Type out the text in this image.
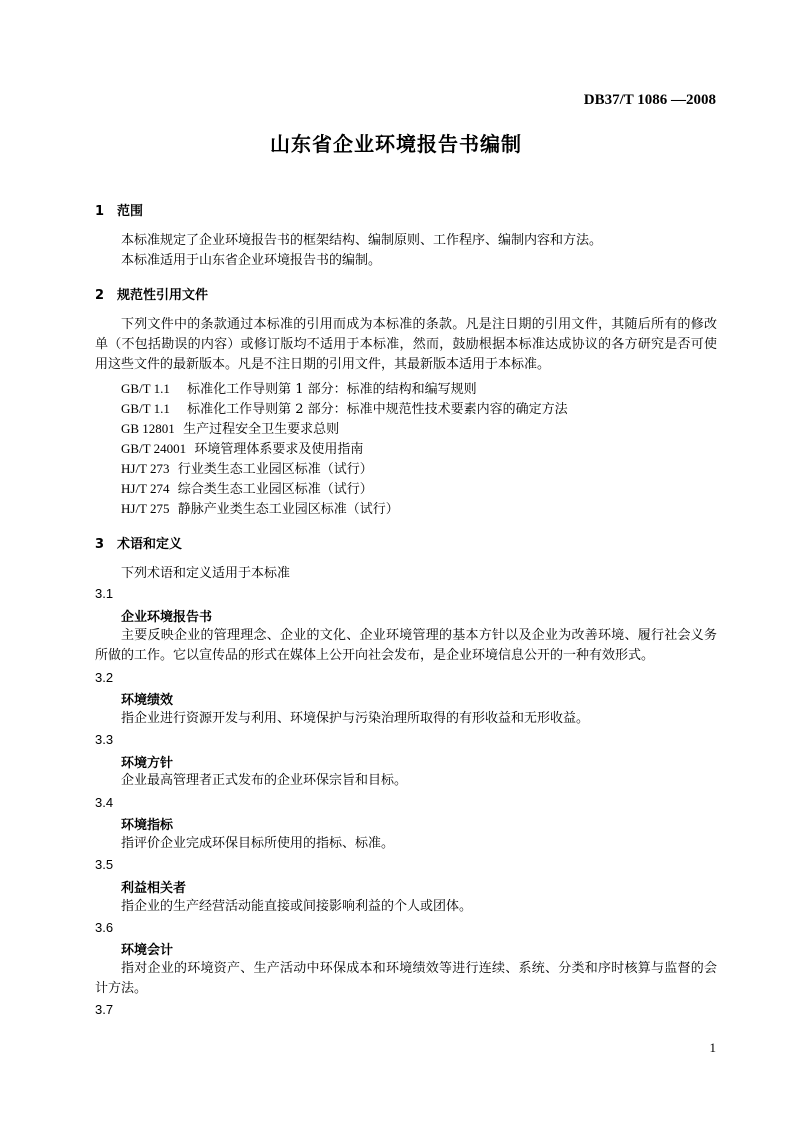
DB37/T 1086 —2008
山东省企业环境报告书编制
1 范围
本标准规定了企业环境报告书的框架结构、编制原则、工作程序、编制内容和方法。
本标准适用于山东省企业环境报告书的编制。
2 规范性引用文件
下列文件中的条款通过本标准的引用而成为本标准的条款。凡是注日期的引用文件，其随后所有的修改单（不包括勘误的内容）或修订版均不适用于本标准，然而，鼓励根据本标准达成协议的各方研究是否可使用这些文件的最新版本。凡是不注日期的引用文件，其最新版本适用于本标准。
GB/T 1.1 标准化工作导则第 1 部分：标准的结构和编写规则
GB/T 1.1 标准化工作导则第 2 部分：标准中规范性技术要素内容的确定方法
GB 12801 生产过程安全卫生要求总则
GB/T 24001 环境管理体系要求及使用指南
HJ/T 273 行业类生态工业园区标准（试行）
HJ/T 274 综合类生态工业园区标准（试行）
HJ/T 275 静脉产业类生态工业园区标准（试行）
3 术语和定义
下列术语和定义适用于本标准
3.1
企业环境报告书
主要反映企业的管理理念、企业的文化、企业环境管理的基本方针以及企业为改善环境、履行社会义务所做的工作。它以宣传品的形式在媒体上公开向社会发布，是企业环境信息公开的一种有效形式。
3.2
环境绩效
指企业进行资源开发与利用、环境保护与污染治理所取得的有形收益和无形收益。
3.3
环境方针
企业最高管理者正式发布的企业环保宗旨和目标。
3.4
环境指标
指评价企业完成环保目标所使用的指标、标准。
3.5
利益相关者
指企业的生产经营活动能直接或间接影响利益的个人或团体。
3.6
环境会计
指对企业的环境资产、生产活动中环保成本和环境绩效等进行连续、系统、分类和序时核算与监督的会计方法。
3.7
1
